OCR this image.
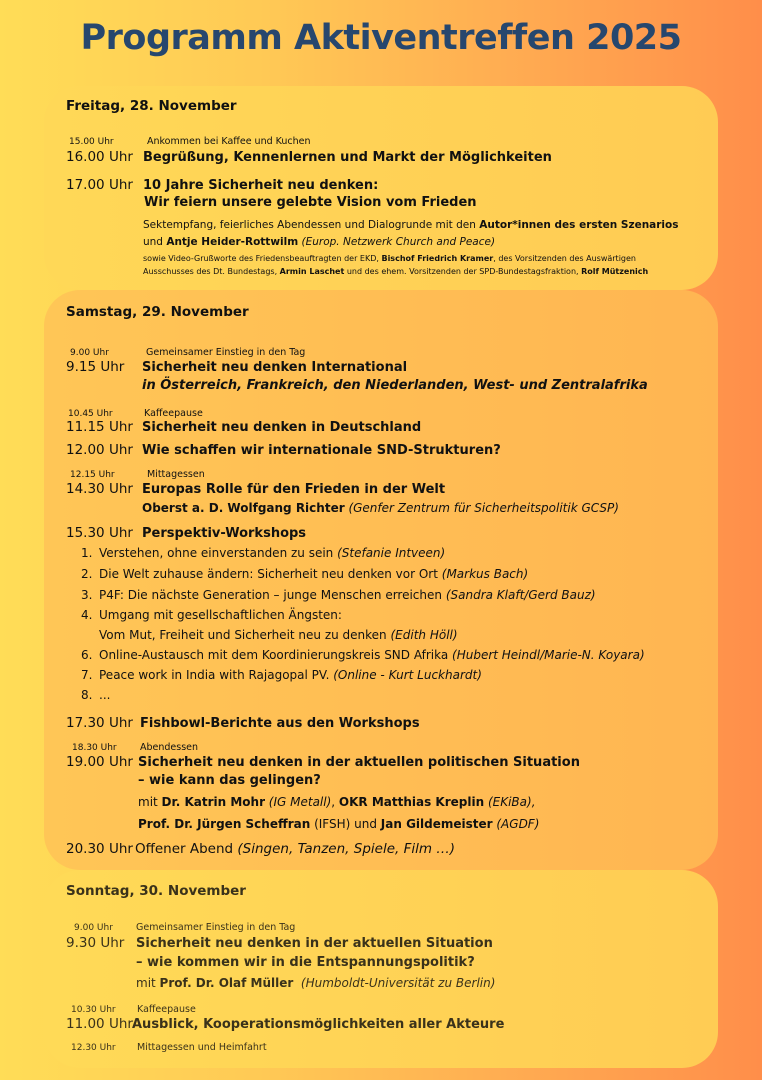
Programm Aktiventreffen 2025
Freitag, 28. November
15.00 Uhr	Ankommen bei Kaffee und Kuchen
16.00 Uhr Begrüßung, Kennenlernen und Markt der Möglichkeiten
17.00 Uhr 10 Jahre Sicherheit neu denken:
Wir feiern unsere gelebte Vision vom Frieden
Sektempfang, feierliches Abendessen und Dialogrunde mit den Autor*innen des ersten Szenarios
und Antje Heider-Rottwilm (Europ. Netzwerk Church and Peace)
sowie Video-Grußworte des Friedensbeauftragten der EKD, Bischof Friedrich Kramer, des Vorsitzenden des Auswärtigen
Ausschusses des Dt. Bundestags, Armin Laschet und des ehem. Vorsitzenden der SPD-Bundestagsfraktion, Rolf Mützenich
Samstag, 29. November
9.00 Uhr	Gemeinsamer Einstieg in den Tag
9.15 Uhr Sicherheit neu denken International
in Österreich, Frankreich, den Niederlanden, West- und Zentralafrika
10.45 Uhr	Kaffeepause
11.15 Uhr Sicherheit neu denken in Deutschland
12.00 Uhr Wie schaffen wir internationale SND-Strukturen?
12.15 Uhr	Mittagessen
14.30 Uhr Europas Rolle für den Frieden in der Welt
Oberst a. D. Wolfgang Richter (Genfer Zentrum für Sicherheitspolitik GCSP)
15.30 Uhr Perspektiv-Workshops
1. Verstehen, ohne einverstanden zu sein (Stefanie Intveen)
2. Die Welt zuhause ändern: Sicherheit neu denken vor Ort (Markus Bach)
3. P4F: Die nächste Generation – junge Menschen erreichen (Sandra Klaft/Gerd Bauz)
4. Umgang mit gesellschaftlichen Ängsten:
Vom Mut, Freiheit und Sicherheit neu zu denken (Edith Höll)
6. Online-Austausch mit dem Koordinierungskreis SND Afrika (Hubert Heindl/Marie-N. Koyara)
7. Peace work in India with Rajagopal PV. (Online - Kurt Luckhardt)
8. ...
17.30 Uhr Fishbowl-Berichte aus den Workshops
18.30 Uhr Abendessen
19.00 Uhr Sicherheit neu denken in der aktuellen politischen Situation
– wie kann das gelingen?
mit Dr. Katrin Mohr (IG Metall), OKR Matthias Kreplin (EKiBa),
Prof. Dr. Jürgen Scheffran (IFSH) und Jan Gildemeister (AGDF)
20.30 Uhr Offener Abend (Singen, Tanzen, Spiele, Film …)
Sonntag, 30. November
9.00 Uhr Gemeinsamer Einstieg in den Tag
9.30 Uhr Sicherheit neu denken in der aktuellen Situation
– wie kommen wir in die Entspannungspolitik?
mit Prof. Dr. Olaf Müller  (Humboldt-Universität zu Berlin)
10.30 Uhr Kaffeepause
11.00 UhrAusblick, Kooperationsmöglichkeiten aller Akteure
12.30 Uhr Mittagessen und Heimfahrt
